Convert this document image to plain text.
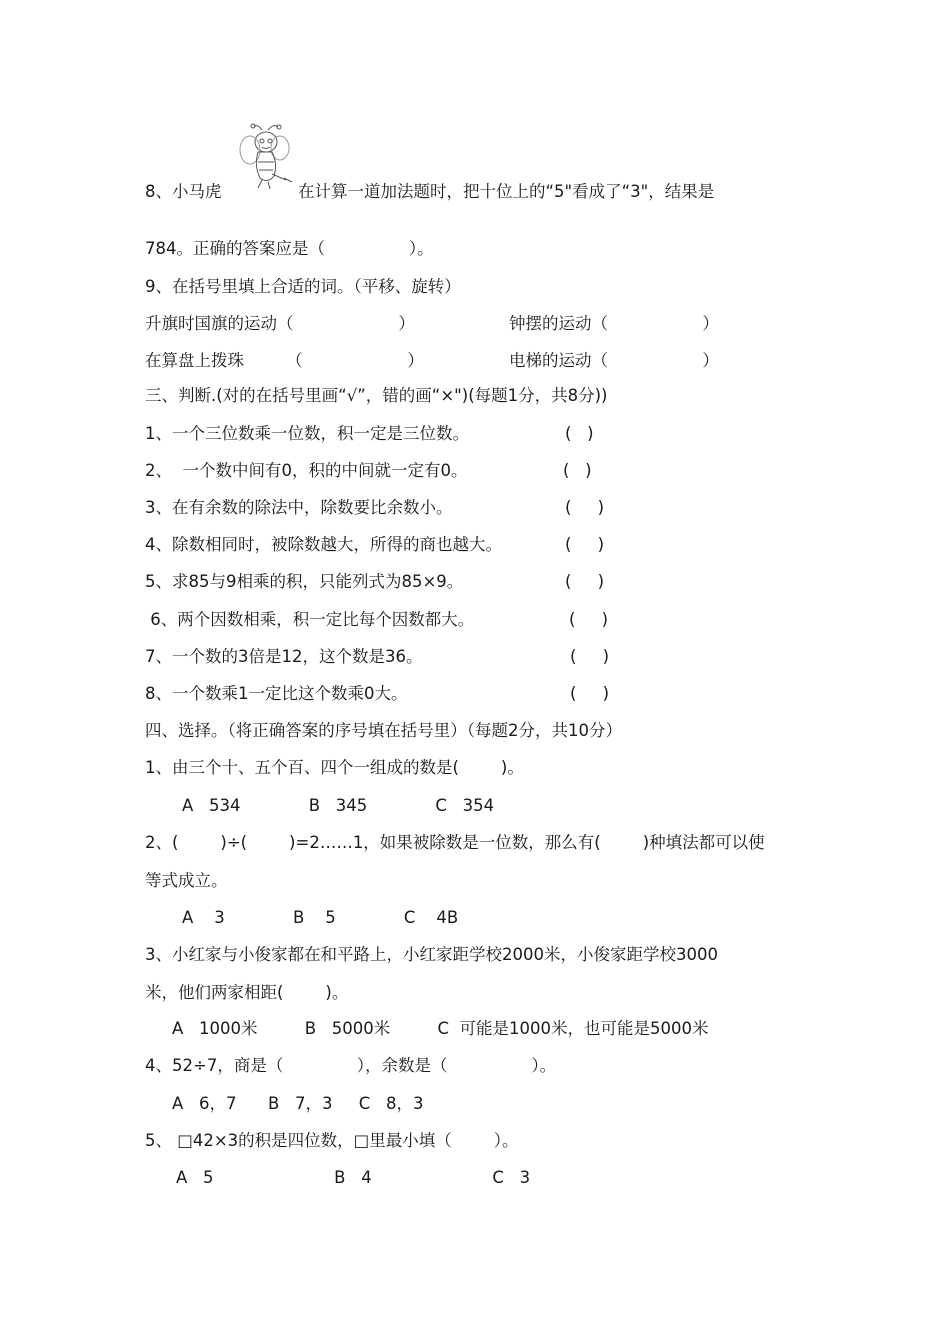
8、小马虎	在计算一道加法题时，把十位上的“5"看成了“3"，结果是
784。正确的答案应是（                ）。
9、在括号里填上合适的词。（平移、旋转）
升旗时国旗的运动（                    ）	钟摆的运动（                  ）
在算盘上拨珠        （                    ）	电梯的运动（                  ）
三、判断.(对的在括号里画“√”，错的画“×")(每题1分，共8分))
1、一个三位数乘一位数，积一定是三位数。	(   )
2、  一个数中间有0，积的中间就一定有0。	(   )
3、在有余数的除法中，除数要比余数小。	(     )
4、除数相同时，被除数越大，所得的商也越大。	(     )
5、求85与9相乘的积，只能列式为85×9。	(     )
6、两个因数相乘，积一定比每个因数都大。	(     )
7、一个数的3倍是12，这个数是36。	(     )
8、一个数乘1一定比这个数乘0大。	(     )
四、选择。（将正确答案的序号填在括号里）（每题2分，共10分）
1、由三个十、五个百、四个一组成的数是(        )。
A   534             B   345             C   354
2、(        )÷(        )=2……1，如果被除数是一位数，那么有(        )种填法都可以使
等式成立。
A    3             B    5             C    4B
3、小红家与小俊家都在和平路上，小红家距学校2000米，小俊家距学校3000
米，他们两家相距(        )。
A   1000米         B   5000米         C  可能是1000米，也可能是5000米
4、52÷7，商是（              ），余数是（                ）。
A   6，7      B   7，3     C   8，3
5、 □42×3的积是四位数，□里最小填（        ）。
A   5                       B   4                       C   3
